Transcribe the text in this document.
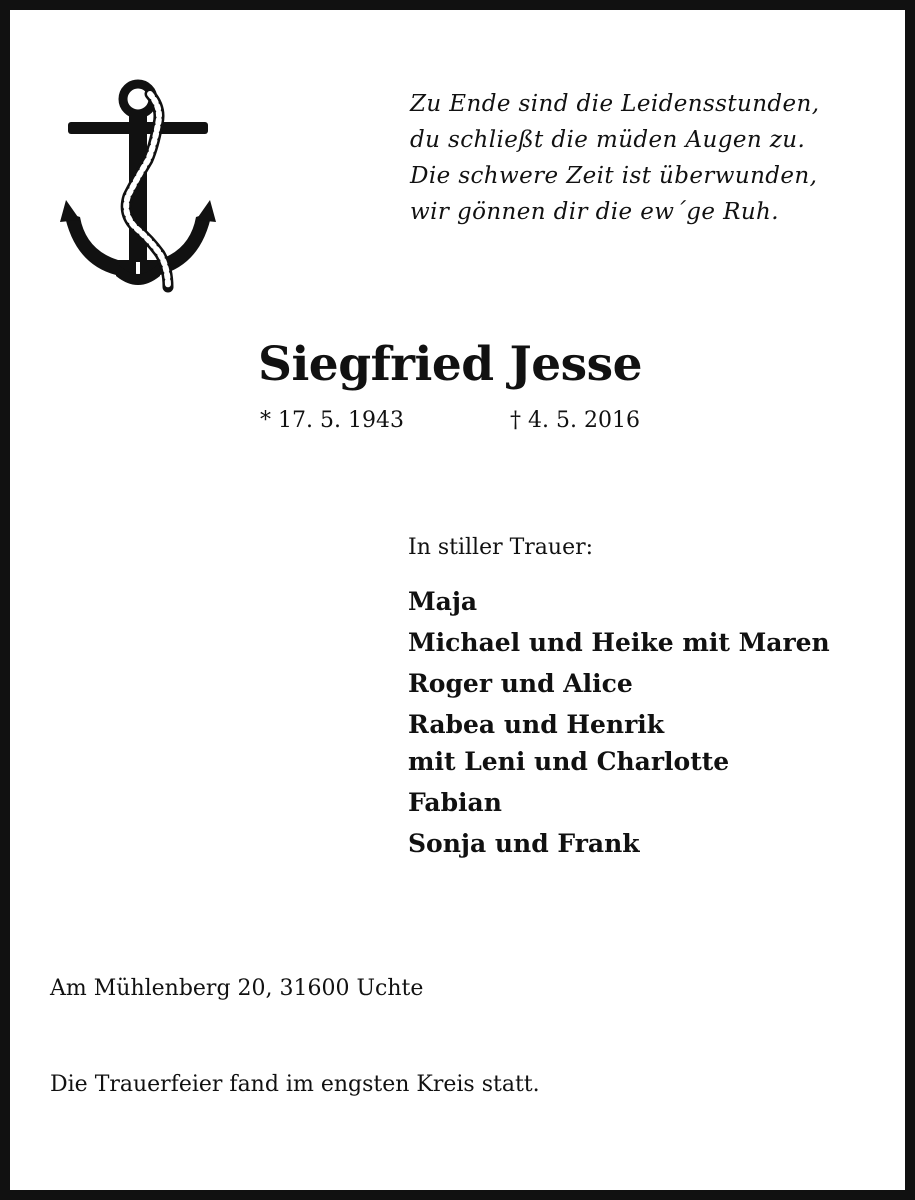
Zu Ende sind die Leidensstunden,
du schließt die müden Augen zu.
Die schwere Zeit ist überwunden,
wir gönnen dir die ew´ge Ruh.
Siegfried Jesse
* 17. 5. 1943	† 4. 5. 2016
In stiller Trauer:
Maja
Michael und Heike mit Maren
Roger und Alice
Rabea und Henrik
mit Leni und Charlotte
Fabian
Sonja und Frank
Am Mühlenberg 20, 31600 Uchte
Die Trauerfeier fand im engsten Kreis statt.
